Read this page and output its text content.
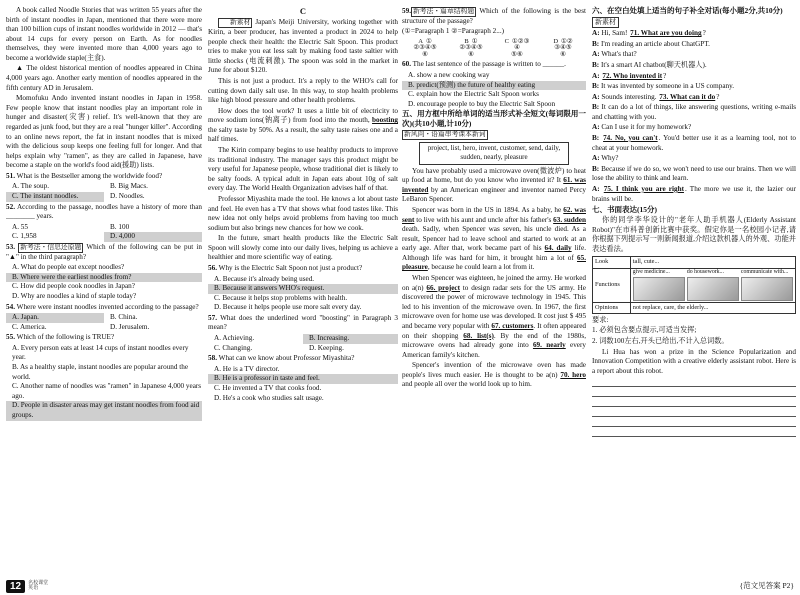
A book called Noodle Stories that was written 55 years after the birth of instant noodles in Japan, mentioned that there were more than 100 billion cups of instant noodles worldwide in 2012 — that's about 14 cups for every person on Earth. As for noodles themselves, they were invented more than 4,000 years ago to become a worldwide staple(主食).

▲ The oldest historical mention of noodles appeared in China 4,000 years ago. Another early mention of noodles appeared in the fifth century AD in Jerusalem.

Momofuku Ando invented instant noodles in Japan in 1958. Few people know that instant noodles play an important role in hunger and disaster(灾害) relief. It's well-known that they are regarded as junk food, but they are a real "hunger killer". According to an online news report, the fat in instant noodles that is mixed with the delicious soup keeps one feeling full for longer. And that helps explain why "ramen", as they are called in Japanese, have become a staple on the world's food aid(援助) lists.

51. What is the Bestseller among the worldwide food?

A. The soup.	B. Big Macs.
C. The instant noodles.	D. Noodles.

52. According to the passage, noodles have a history of more than ________ years.

A. 55	B. 100
C. 1,958	D. 4,000

53. 新考法・信息还原题 Which of the following can be put in "▲" in the third paragraph?

A. What do people eat except noodles?
B. Where were the earliest noodles from?
C. How did people cook noodles in Japan?
D. Why are noodles a kind of staple today?

54. Where were instant noodles invented according to the passage?

A. Japan.	B. China.
C. America.	D. Jerusalem.

55. Which of the following is TRUE?

A. Every person eats at least 14 cups of instant noodles every year.
B. As a healthy staple, instant noodles are popular around the world.
C. Another name of noodles was "ramen" in Japanese 4,000 years ago.
D. People in disaster areas may get instant noodles from food aid groups.
C

新素材 Japan's Meiji University, working together with Kirin, a beer producer, has invented a product in 2024 to help people check their health: the Electric Salt Spoon. This product tries to make you eat less salt by making food taste saltier with little shocks (电流刺激). The spoon was sold in the market in June for about $120.

This is not just a product. It's a reply to the WHO's call for cutting down daily salt use. In this way, to stop health problems like high blood pressure and other health problems.

How does the tool work? It uses a little bit of electricity to move sodium ions(钠离子) from food into the mouth, boosting the salty taste by 50%. As a result, the salty taste raises one and a half times.

The Kirin company begins to use healthy products to improve its traditional industry. The manager says this product might be very useful for Japanese people, whose traditional diet is likely to be salty foods. A typical adult in Japan eats about 10g of salt every day. The World Health Organization advises half of that.

Professor Miyashita made the tool. He knows a lot about taste and feel. He even has a TV that shows what food tastes like. This new idea not only helps avoid problems from having too much sodium but also brings new chances for how we cook.

In the future, smart health products like the Electric Salt Spoon will slowly come into our daily lives, helping us achieve a healthier and more scientific way of eating.

56. Why is the Electric Salt Spoon not just a product?

A. Because it's already being used.
B. Because it answers WHO's request.
C. Because it helps stop problems with health.
D. Because it helps people use more salt every day.

57. What does the underlined word "boosting" in Paragraph 3 mean?

A. Achieving.	B. Increasing.
C. Changing.	D. Keeping.

58. What can we know about Professor Miyashita?

A. He is a TV director.
B. He is a professor in taste and feel.
C. He invented a TV that cooks food.
D. He's a cook who studies salt usage.

59. 新考法・篇章结构题 Which of the following is the best structure of the passage?

(①=Paragraph 1 ②=Paragraph 2...)

A ①
②③④⑤
⑥
B ①
②③④⑤
⑥
C ①②③
④
⑤⑥
D ①②
③④⑤
⑥

60. The last sentence of the passage is written to ______.

A. show a new cooking way
B. predict(预测) the future of healthy eating
C. explain how the Electric Salt Spoon works
D. encourage people to buy the Electric Salt Spoon

五、用方框中所给单词的适当形式补全短文(每词限用一次)(共10小题,计10分)

新风向・语篇串考课本新词
project, list, hero, invent, customer, send, daily, sudden, nearly, pleasure

You have probably used a microwave oven(微波炉) to heat up food at home, but do you know who invented it? It 61. was invented by an American engineer and inventor named Percy LeBaron Spencer.

Spencer was born in the US in 1894. As a baby, he 62. was sent to live with his aunt and uncle after his father's 63. sudden death. Sadly, when Spencer was seven, his uncle died. As a result, Spencer had to leave school and started to work at an early age. After that, work became part of his 64. daily life. Although life was hard for him, it brought him a lot of 65. pleasure, because he could learn a lot from it.

When Spencer was eighteen, he joined the army. He worked on a(n) 66. project to design radar sets for the US army. He discovered the power of microwave technology in 1945. This led to his invention of the microwave oven. In 1967, the first microwave oven for home use was developed. It cost just $ 495 and became very popular with 67. customers. It often appeared on their shopping 68. list(s). By the end of the 1980s, microwave ovens had already gone into 69. nearly every American family's kitchen.

Spencer's invention of the microwave oven has made people's lives much easier. He is thought to be a(n) 70. hero and people all over the world look up to him.

六、在空白处填上适当的句子补全对话(每小题2分,共10分)

新素材

A: Hi, Sam! 71. What are you doing?

B: I'm reading an article about ChatGPT.

A: What's that?

B: It's a smart AI chatbot(聊天机器人).

A: 72. Who invented it?

B: It was invented by someone in a US company.

A: Sounds interesting. 73. What can it do?

B: It can do a lot of things, like answering questions, writing e-mails and chatting with you.

A: Can I use it for my homework?

B: 74. No, you can't. You'd better use it as a learning tool, not to cheat at your homework.

A: Why?

B: Because if we do so, we won't need to use our brains. Then we will lose the ability to think and learn.

A: 75. I think you are right. The more we use it, the lazier our brains will be.

七、书面表达(15分)

你的同学李华设计的"老年人助手机器人(Elderly Assistant Robot)"在市科普创新比赛中获奖。假定你是一名校园小记者,请你根据下列提示写一则新闻报道,介绍这款机器人的外观、功能并表达看法。

Look	tall, cute...
Functions	give medicine... do housework... communicate with...

Opinions	not replace, care, the elderly...

要求:

1. 必须包含要点提示,可适当发挥;

2. 词数100左右,开头已给出,不计入总词数。

Li Hua has won a prize in the Science Popularization and Innovation Competition with a creative elderly assistant robot. Here is a report about this robot.

12	名校课堂
英语	{范文见答案 P2}
